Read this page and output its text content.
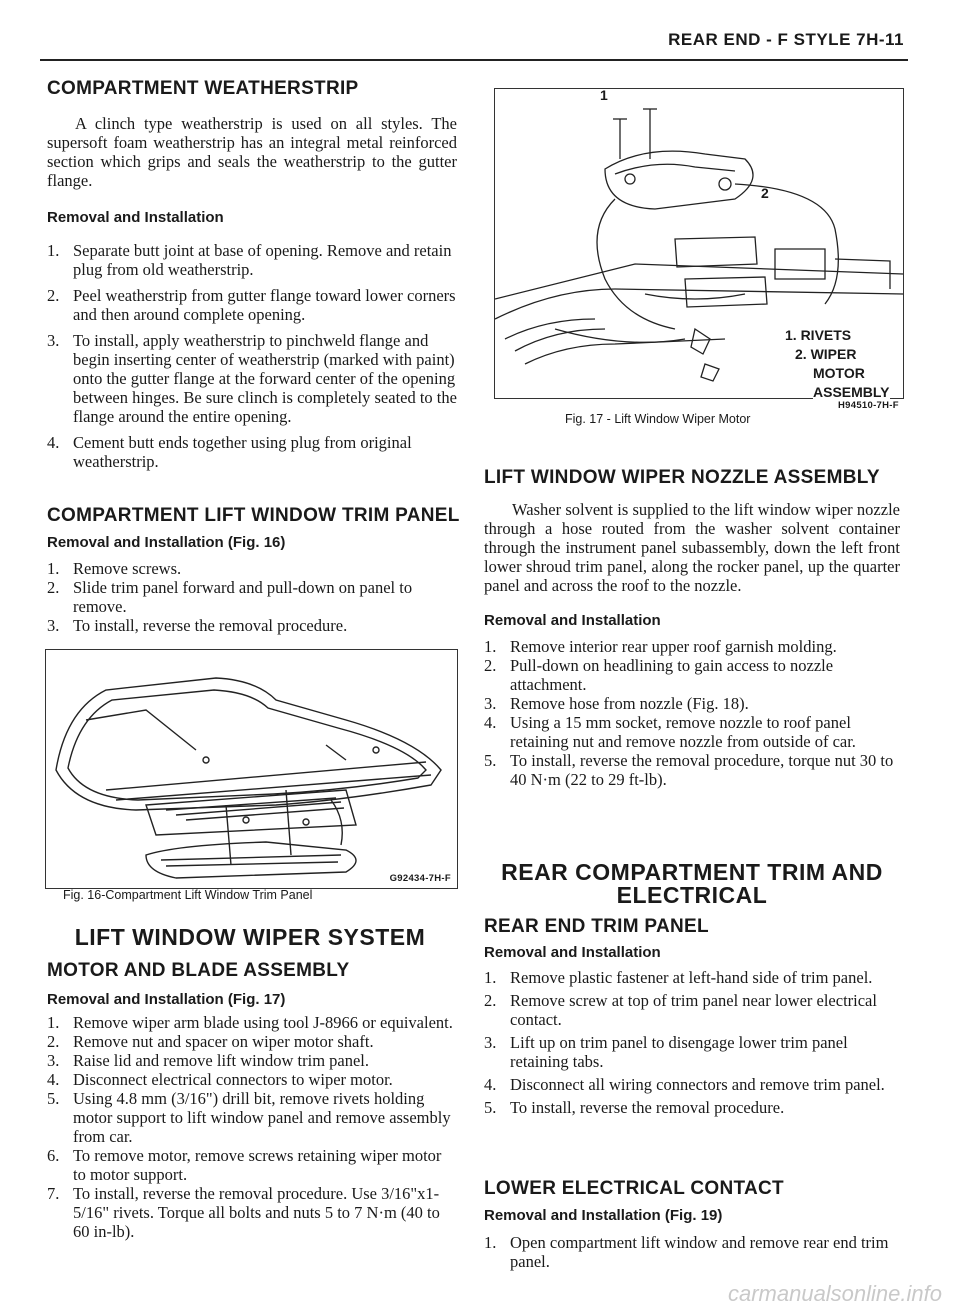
REAR END - F STYLE 7H-11
COMPARTMENT WEATHERSTRIP
A clinch type weatherstrip is used on all styles. The supersoft foam weatherstrip has an integral metal reinforced section which grips and seals the weatherstrip to the gutter flange.
Removal and Installation
1. Separate butt joint at base of opening. Remove and retain plug from old weatherstrip.
2. Peel weatherstrip from gutter flange toward lower corners and then around complete opening.
3. To install, apply weatherstrip to pinchweld flange and begin inserting center of weatherstrip (marked with paint) onto the gutter flange at the forward center of the opening between hinges. Be sure clinch is completely seated to the flange around the entire opening.
4. Cement butt ends together using plug from original weatherstrip.
COMPARTMENT LIFT WINDOW TRIM PANEL
Removal and Installation (Fig. 16)
1. Remove screws.
2. Slide trim panel forward and pull-down on panel to remove.
3. To install, reverse the removal procedure.
G92434-7H-F
Fig. 16-Compartment Lift Window Trim Panel
LIFT WINDOW WIPER SYSTEM
MOTOR AND BLADE ASSEMBLY
Removal and Installation (Fig. 17)
1. Remove wiper arm blade using tool J-8966 or equivalent.
2. Remove nut and spacer on wiper motor shaft.
3. Raise lid and remove lift window trim panel.
4. Disconnect electrical connectors to wiper motor.
5. Using 4.8 mm (3/16") drill bit, remove rivets holding motor support to lift window panel and remove assembly from car.
6. To remove motor, remove screws retaining wiper motor to motor support.
7. To install, reverse the removal procedure. Use 3/16"x1-5/16" rivets. Torque all bolts and nuts 5 to 7 N·m (40 to 60 in-lb).
1
2
1. RIVETS
2. WIPER
MOTOR
ASSEMBLY
H94510-7H-F
Fig. 17 - Lift Window Wiper Motor
LIFT WINDOW WIPER NOZZLE ASSEMBLY
Washer solvent is supplied to the lift window wiper nozzle through a hose routed from the washer solvent container through the instrument panel subassembly, down the left front lower shroud trim panel, along the rocker panel, up the quarter panel and across the roof to the nozzle.
Removal and Installation
1. Remove interior rear upper roof garnish molding.
2. Pull-down on headlining to gain access to nozzle attachment.
3. Remove hose from nozzle (Fig. 18).
4. Using a 15 mm socket, remove nozzle to roof panel retaining nut and remove nozzle from outside of car.
5. To install, reverse the removal procedure, torque nut 30 to 40 N·m (22 to 29 ft-lb).
REAR COMPARTMENT TRIM AND
ELECTRICAL
REAR END TRIM PANEL
Removal and Installation
1. Remove plastic fastener at left-hand side of trim panel.
2. Remove screw at top of trim panel near lower electrical contact.
3. Lift up on trim panel to disengage lower trim panel retaining tabs.
4. Disconnect all wiring connectors and remove trim panel.
5. To install, reverse the removal procedure.
LOWER ELECTRICAL CONTACT
Removal and Installation (Fig. 19)
1. Open compartment lift window and remove rear end trim panel.
carmanualsonline.info
